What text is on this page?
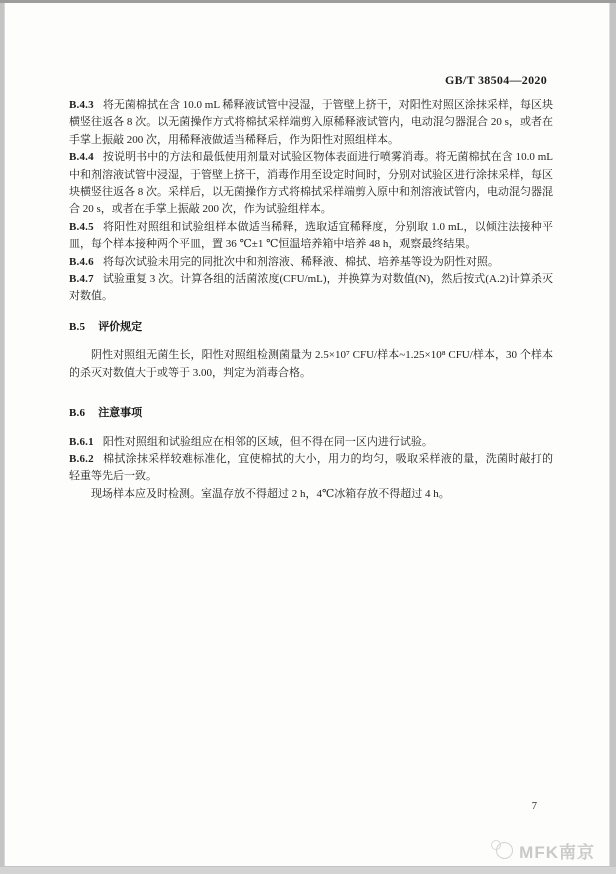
GB/T 38504—2020

B.4.3 将无菌棉拭在含 10.0 mL 稀释液试管中浸湿，于管壁上挤干，对阳性对照区涂抹采样，每区块横竖往返各 8 次。以无菌操作方式将棉拭采样端剪入原稀释液试管内，电动混匀器混合 20 s，或者在手掌上振敲 200 次，用稀释液做适当稀释后，作为阳性对照组样本。

B.4.4 按说明书中的方法和最低使用剂量对试验区物体表面进行喷雾消毒。将无菌棉拭在含 10.0 mL 中和剂溶液试管中浸湿，于管壁上挤干，消毒作用至设定时间时，分别对试验区进行涂抹采样，每区块横竖往返各 8 次。采样后，以无菌操作方式将棉拭采样端剪入原中和剂溶液试管内，电动混匀器混合 20 s，或者在手掌上振敲 200 次，作为试验组样本。

B.4.5 将阳性对照组和试验组样本做适当稀释，选取适宜稀释度，分别取 1.0 mL，以倾注法接种平皿，每个样本接种两个平皿，置 36 ℃±1 ℃恒温培养箱中培养 48 h，观察最终结果。

B.4.6 将每次试验未用完的同批次中和剂溶液、稀释液、棉拭、培养基等设为阴性对照。

B.4.7 试验重复 3 次。计算各组的活菌浓度(CFU/mL)，并换算为对数值(N)，然后按式(A.2)计算杀灭对数值。

B.5 评价规定

阴性对照组无菌生长，阳性对照组检测菌量为 2.5×10⁷ CFU/样本~1.25×10⁸ CFU/样本，30 个样本的杀灭对数值大于或等于 3.00，判定为消毒合格。

B.6 注意事项

B.6.1 阳性对照组和试验组应在相邻的区域，但不得在同一区内进行试验。

B.6.2 棉拭涂抹采样较难标准化，宜使棉拭的大小，用力的均匀，吸取采样液的量，洗菌时敲打的轻重等先后一致。

现场样本应及时检测。室温存放不得超过 2 h，4℃冰箱存放不得超过 4 h。

7
MFK南京
